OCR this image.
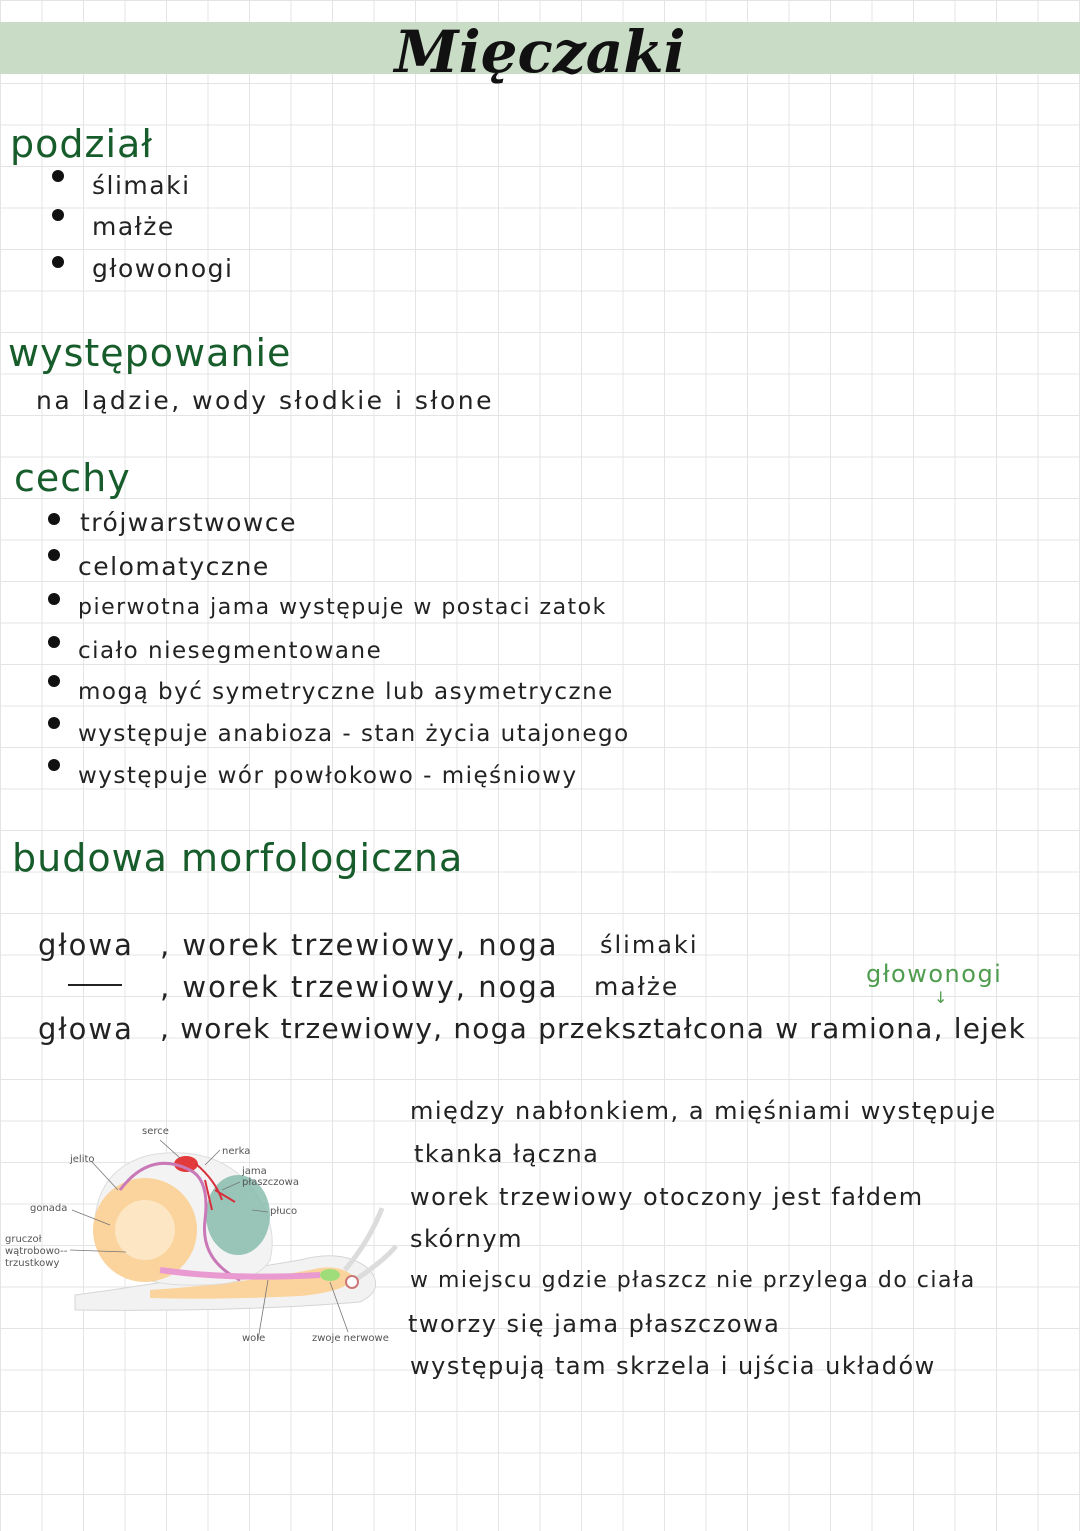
Mięczaki
podział
ślimaki
małże
głowonogi
występowanie
na lądzie, wody słodkie i słone
cechy
trójwarstwowce
celomatyczne
pierwotna jama występuje w postaci zatok
ciało niesegmentowane
mogą być symetryczne lub asymetryczne
występuje anabioza - stan życia utajonego
występuje wór powłokowo - mięśniowy
budowa morfologiczna
głowa , worek trzewiowy, noga ślimaki
, worek trzewiowy, noga małże	głowonogi
↓
głowa , worek trzewiowy, noga przekształcona w ramiona, lejek
serce
jelito
nerka
jama płaszczowa
płuco
gonada
gruczoł wątrobowo--trzustkowy
wole	zwoje nerwowe
między nabłonkiem, a mięśniami występuje
tkanka łączna
worek trzewiowy otoczony jest fałdem
skórnym
w miejscu gdzie płaszcz nie przylega do ciała
tworzy się jama płaszczowa
występują tam skrzela i ujścia układów
